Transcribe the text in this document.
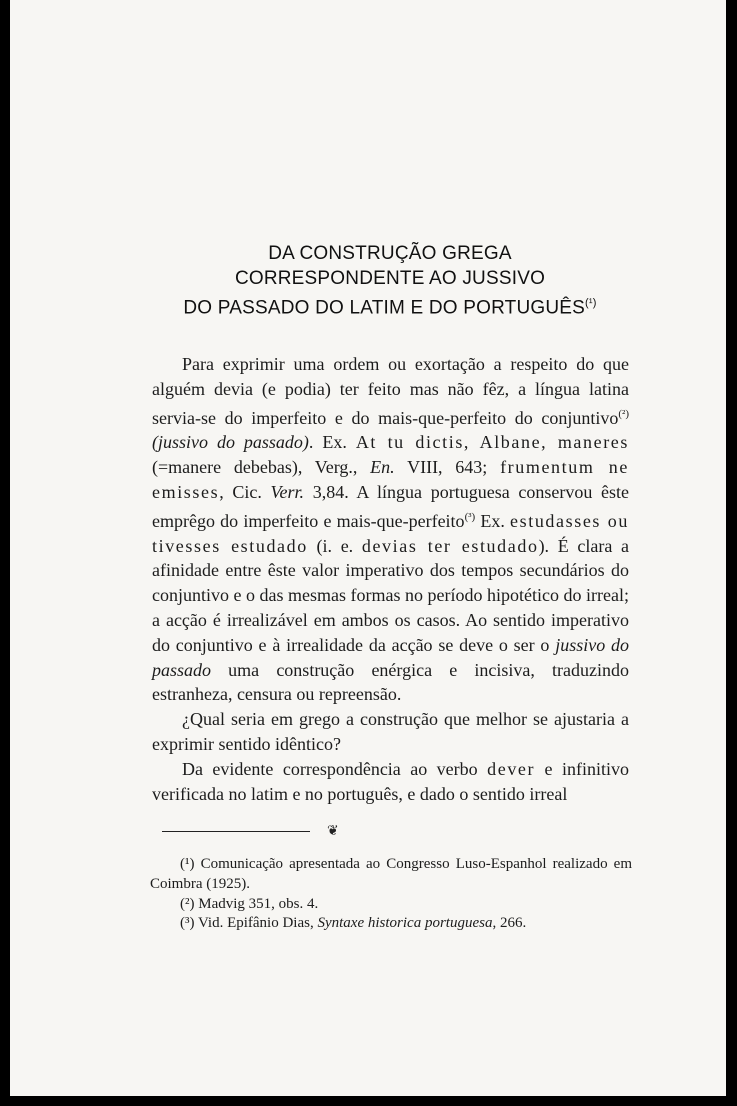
DA CONSTRUÇÃO GREGA
CORRESPONDENTE AO JUSSIVO
DO PASSADO DO LATIM E DO PORTUGUÊS$^{(^1)}$

Para exprimir uma ordem ou exortação a respeito do que alguém devia (e podia) ter feito mas não fêz, a língua latina servia-se do imperfeito e do mais-que-perfeito do conjuntivo$^{(^2)}$ (jussivo do passado). Ex. At tu dictis, Albane, maneres (=manere debebas), Verg., En. VIII, 643; frumentum ne emisses, Cic. Verr. 3,84. A língua portuguesa conservou êste emprêgo do imperfeito e mais-que-perfeito$^{(^3)}$ Ex. estudasses ou tivesses estudado (i. e. devias ter estudado). É clara a afinidade entre êste valor imperativo dos tempos secundários do conjuntivo e o das mesmas formas no período hipotético do irreal; a acção é irrealizável em ambos os casos. Ao sentido imperativo do conjuntivo e à irrealidade da acção se deve o ser o jussivo do passado uma construção enérgica e incisiva, traduzindo estranheza, censura ou repreensão.

¿Qual seria em grego a construção que melhor se ajustaria a exprimir sentido idêntico?

Da evidente correspondência ao verbo dever e infinitivo verificada no latim e no português, e dado o sentido irreal

❦

(¹) Comunicação apresentada ao Congresso Luso-Espanhol realizado em Coimbra (1925).

(²) Madvig 351, obs. 4.

(³) Vid. Epifânio Dias, Syntaxe historica portuguesa, 266.
